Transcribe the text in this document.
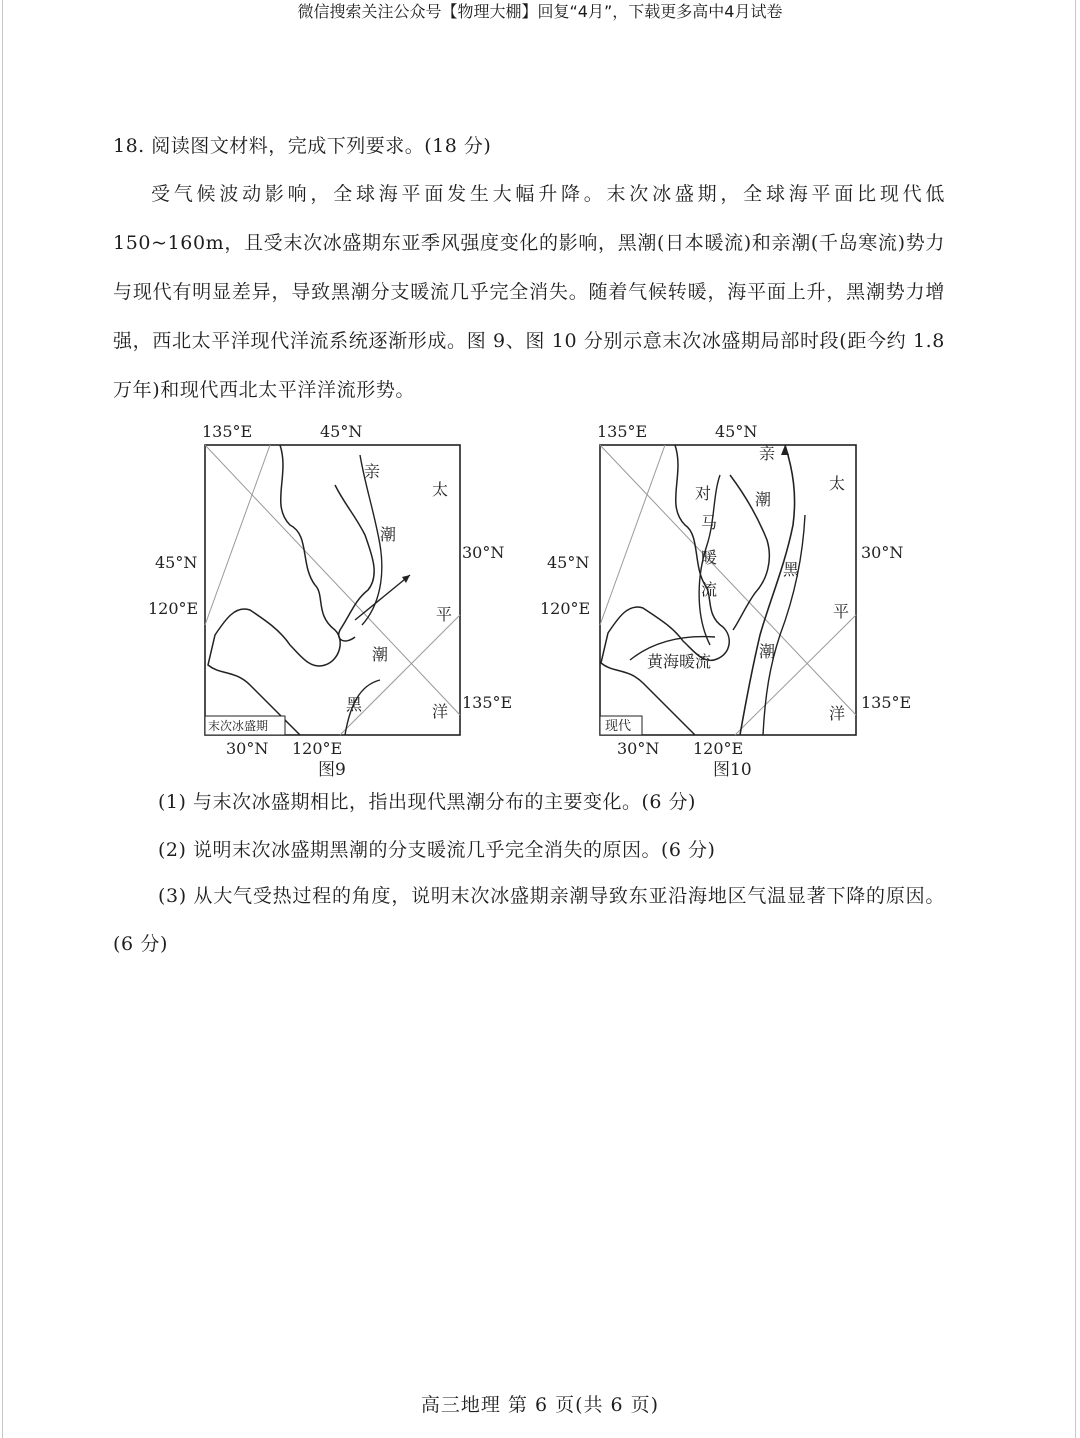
微信搜索关注公众号【物理大棚】回复“4月”，下载更多高中4月试卷
18. 阅读图文材料，完成下列要求。(18 分)
受气候波动影响，全球海平面发生大幅升降。末次冰盛期，全球海平面比现代低150~160m，且受末次冰盛期东亚季风强度变化的影响，黑潮(日本暖流)和亲潮(千岛寒流)势力与现代有明显差异，导致黑潮分支暖流几乎完全消失。随着气候转暖，海平面上升，黑潮势力增强，西北太平洋现代洋流系统逐渐形成。图 9、图 10 分别示意末次冰盛期局部时段(距今约 1.8 万年)和现代西北太平洋洋流形势。
135°E	45°N
45°N
120°E
30°N
135°E
30°N 120°E
图9
太
平
洋
亲
潮
潮
黑
末次冰盛期
135°E	45°N
45°N
120°E
30°N
135°E
30°N 120°E
图10
太
平
洋
亲
潮
对
马
暖
流
黑
潮
黄海暖流
现代
(1) 与末次冰盛期相比，指出现代黑潮分布的主要变化。(6 分)
(2) 说明末次冰盛期黑潮的分支暖流几乎完全消失的原因。(6 分)
(3) 从大气受热过程的角度，说明末次冰盛期亲潮导致东亚沿海地区气温显著下降的原因。(6 分)
高三地理 第 6 页(共 6 页)
